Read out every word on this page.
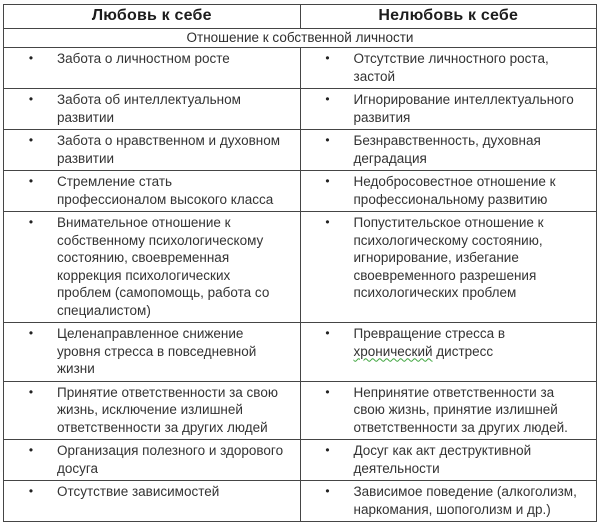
Любовь к себе	Нелюбовь к себе
Отношение к собственной личности	

• Забота о личностном росте	• Отсутствие личностного роста, застой

• Забота об интеллектуальном развитии	• Игнорирование интеллектуального развития

• Забота о нравственном и духовном развитии	• Безнравственность, духовная деградация

• Стремление стать профессионалом высокого класса	• Недобросовестное отношение к профессиональному развитию

• Внимательное отношение к собственному психологическому состоянию, своевременная коррекция психологических проблем (самопомощь, работа со специалистом)	• Попустительское отношение к психологическому состоянию, игнорирование, избегание своевременного разрешения психологических проблем

• Целенаправленное снижение уровня стресса в повседневной жизни	• Превращение стресса в хронический дистресс

• Принятие ответственности за свою жизнь, исключение излишней ответственности за других людей	• Непринятие ответственности за свою жизнь, принятие излишней ответственности за других людей.

• Организация полезного и здорового досуга	• Досуг как акт деструктивной деятельности

• Отсутствие зависимостей	• Зависимое поведение (алкоголизм, наркомания, шопоголизм и др.)
